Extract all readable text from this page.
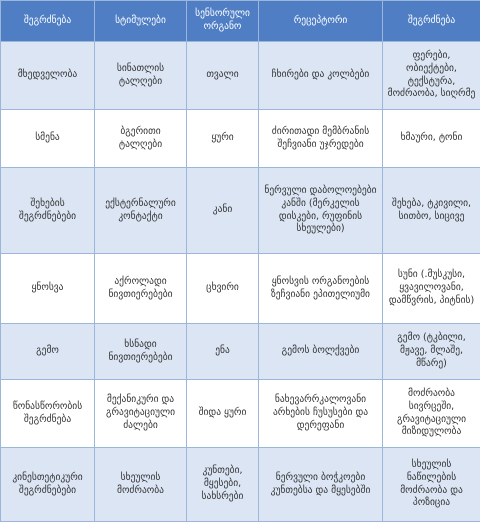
შეგრძნება	სტიმულები	სენსორული ორგანო	რეცეპტორი	შეგრძნება
მხედველობა	სინათლის ტალღები	თვალი	ჩხირები და კოლბები	ფერები, ობიექტები, ტექსტურა, მოძრაობა, სიღრმე
სმენა	ბგერითი ტალღები	ყური	ძირითადი მემბრანის შეჩვიანი უჯრედები	ხმაური, ტონი
შეხების შეგრძნებები	ექსტერნალური კონტაქტი	კანი	ნერვული დაბოლოებები კანში (მერკელის დისკები, რუფინის სხეულები)	შეხება, ტკივილი, სითბო, სიცივე
ყნოსვა	აქროლადი ნივთიერებები	ცხვირი	ყნოსვის ორგანოების ზეჩვიანი ეპითელიუმი	სუნი (.მუსკუსი, ყვავილოვანი, დამწვრის, პიტნის)
გემო	ხსნადი ნივთიერებები	ენა	გემოს ბოლქვები	გემო (ტკბილი, მჟავე, მლაშე, მწარე)
წონასწორობის შეგრძნება	მექანიკური და გრავიტაციული ძალები	შიდა ყური	ნახევარრკალოვანი არხების ჩუსუსები და დერეფანი	მოძრაობა სივრცეში, გრავიტაციული მიზიდულობა
კინესთეტიკური შეგრძნებები	სხეულის მოძრაობა	კუნთები, მყესები, სახსრები	ნერვული ბოჭკოები კუნთებსა და მყესებში	სხეულის ნაწილების მოძრაობა და პოზიცია
